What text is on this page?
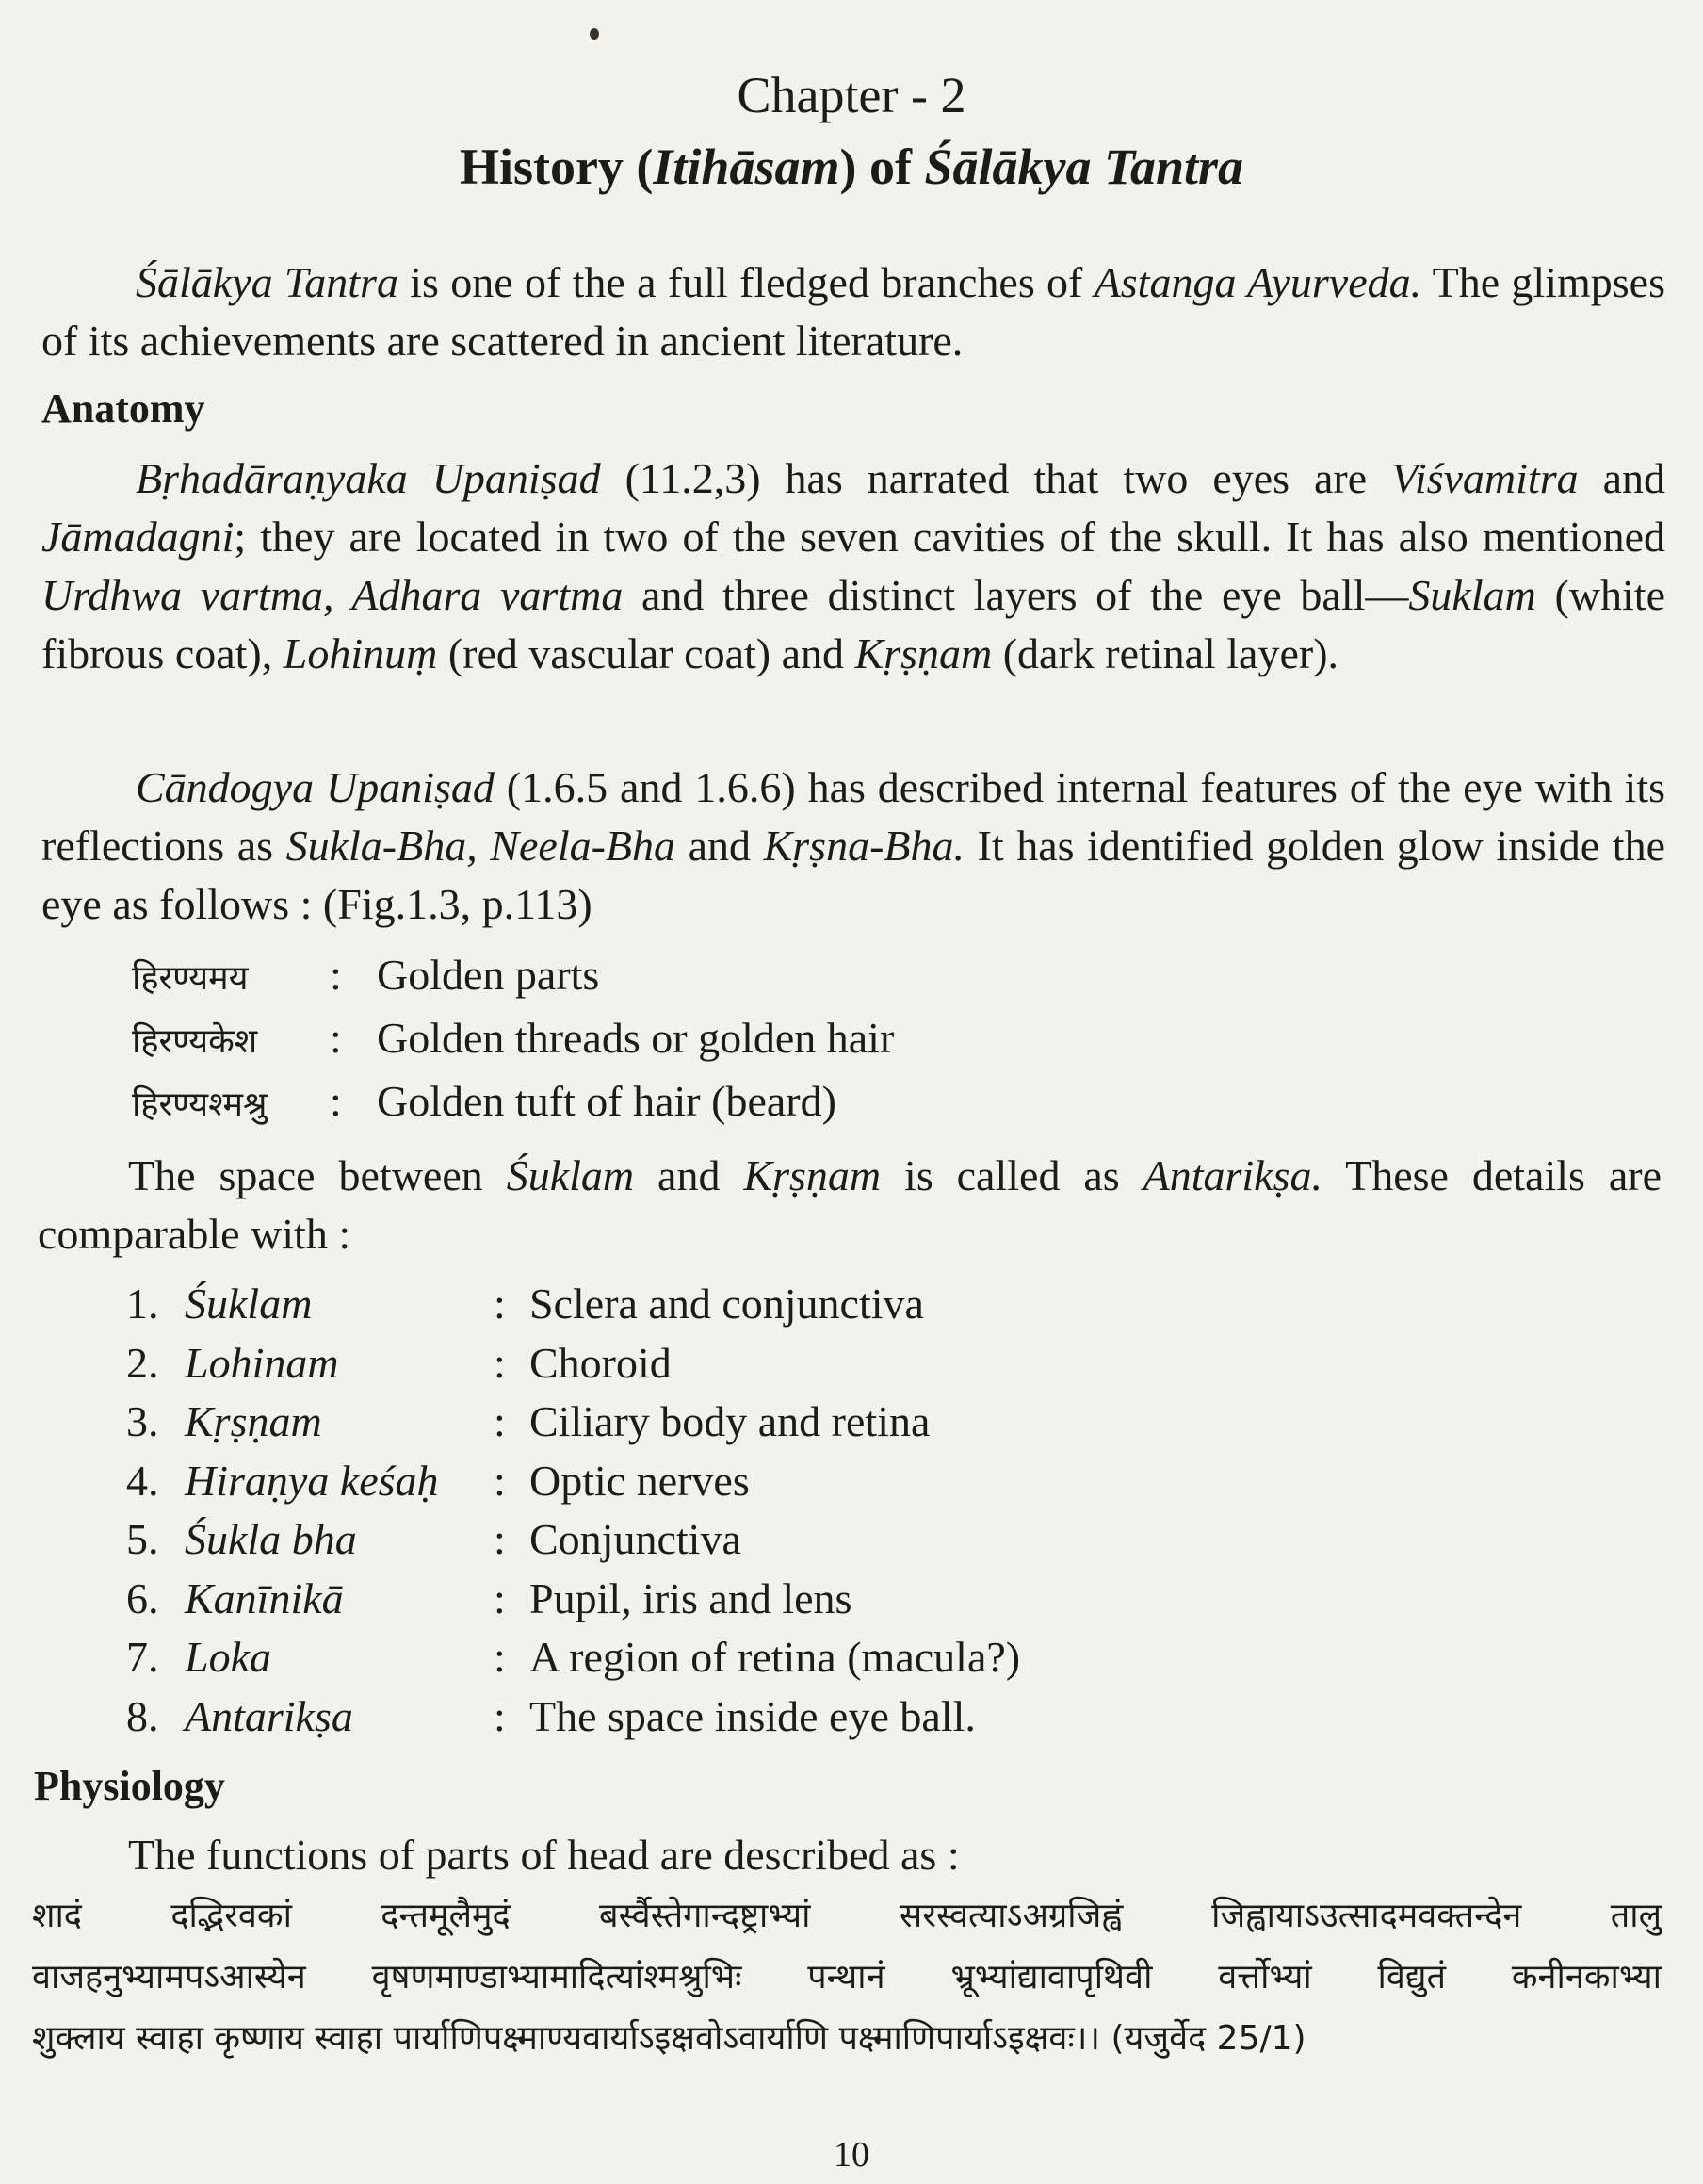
Chapter - 2
History (Itihāsam) of Śālākya Tantra
Śālākya Tantra is one of the a full fledged branches of Astanga Ayurveda. The glimpses of its achievements are scattered in ancient literature.
Anatomy
Bṛhadāraṇyaka Upaniṣad (11.2,3) has narrated that two eyes are Viśvamitra and Jāmadagni; they are located in two of the seven cavities of the skull. It has also mentioned Urdhwa vartma, Adhara vartma and three distinct layers of the eye ball—Suklam (white fibrous coat), Lohinuṃ (red vascular coat) and Kṛṣṇam (dark retinal layer).
Cāndogya Upaniṣad (1.6.5 and 1.6.6) has described internal features of the eye with its reflections as Sukla-Bha, Neela-Bha and Kṛṣna-Bha. It has identified golden glow inside the eye as follows : (Fig.1.3, p.113)
हिरण्यमय : Golden parts
हिरण्यकेश : Golden threads or golden hair
हिरण्यश्मश्रु : Golden tuft of hair (beard)
The space between Śuklam and Kṛṣṇam is called as Antarikṣa. These details are comparable with :
1. Śuklam	: Sclera and conjunctiva
2. Lohinam	: Choroid
3. Kṛṣṇam	: Ciliary body and retina
4. Hiraṇya keśaḥ : Optic nerves
5. Śukla bha	: Conjunctiva
6. Kanīnikā	: Pupil, iris and lens
7. Loka	: A region of retina (macula?)
8. Antarikṣa	: The space inside eye ball.
Physiology
The functions of parts of head are described as :
शादं दद्भिरवकां दन्तमूलैमुदं बर्स्वैस्तेगान्दष्ट्राभ्यां सरस्वत्याऽअग्रजिह्वं जिह्वायाऽउत्सादमवक्तन्देन तालु
वाजहनुभ्यामपऽआस्येन वृषणमाण्डाभ्यामादित्यांश्मश्रुभिः पन्थानं भ्रूभ्यांद्यावापृथिवी वर्त्तोभ्यां विद्युतं कनीनकाभ्या
शुक्लाय स्वाहा कृष्णाय स्वाहा पार्याणिपक्ष्माण्यवार्याऽइक्षवोऽवार्याणि पक्ष्माणिपार्याऽइक्षवः।। (यजुर्वेद 25/1)
10
